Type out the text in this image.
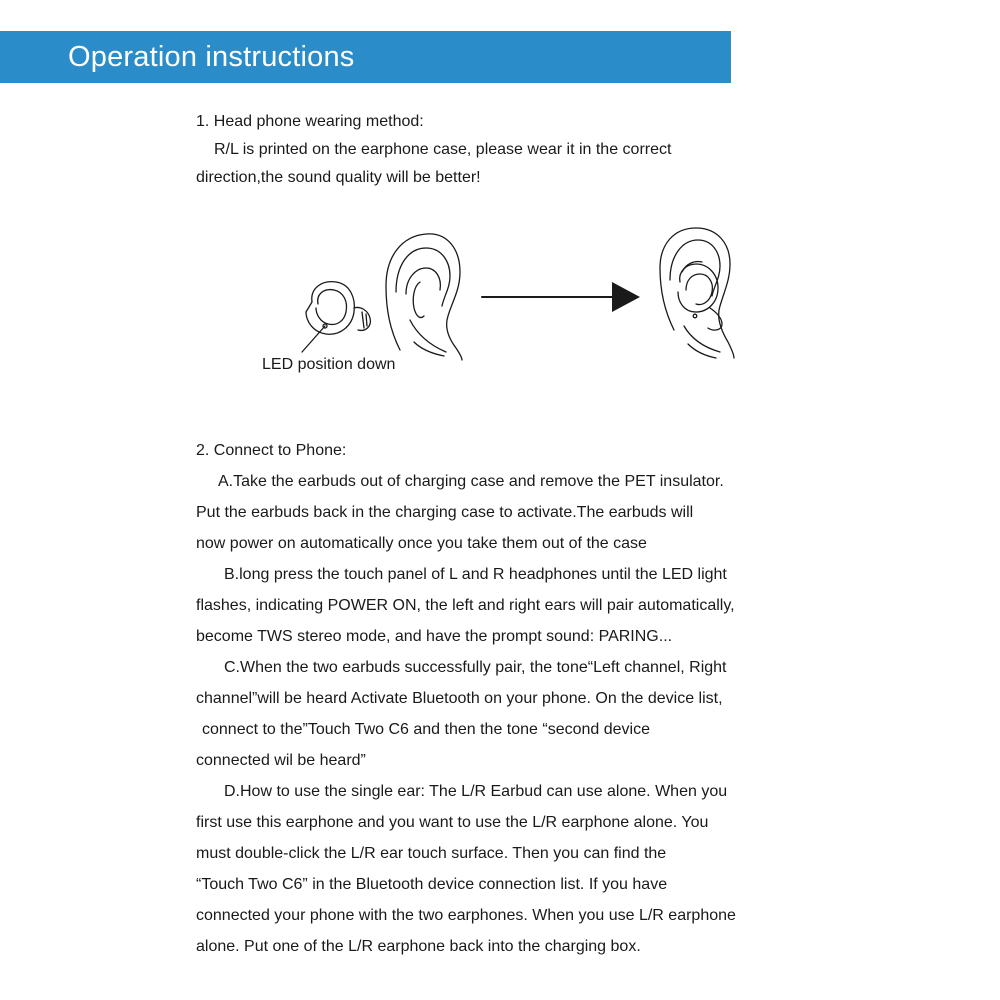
Operation instructions
1. Head phone wearing method:
R/L is printed on the earphone case, please wear it in the correct
direction,the sound quality will be better!
LED position down
2. Connect to Phone:
A.Take the earbuds out of charging case and remove the PET insulator.
Put the earbuds back in the charging case to activate.The earbuds will
now power on automatically once you take them out of the case
B.long press the touch panel of L and R headphones until the LED light
flashes, indicating POWER ON, the left and right ears will pair automatically,
become TWS stereo mode, and have the prompt sound: PARING...
C.When the two earbuds successfully pair, the tone“Left channel, Right
channel”will be heard Activate Bluetooth on your phone. On the device list,
connect to the”Touch Two C6 and then the tone “second device
connected wil be heard”
D.How to use the single ear: The L/R Earbud can use alone. When you
first use this earphone and you want to use the L/R earphone alone. You
must double-click the L/R ear touch surface. Then you can find the
“Touch Two C6” in the Bluetooth device connection list. If you have
connected your phone with the two earphones. When you use L/R earphone
alone. Put one of the L/R earphone back into the charging box.
